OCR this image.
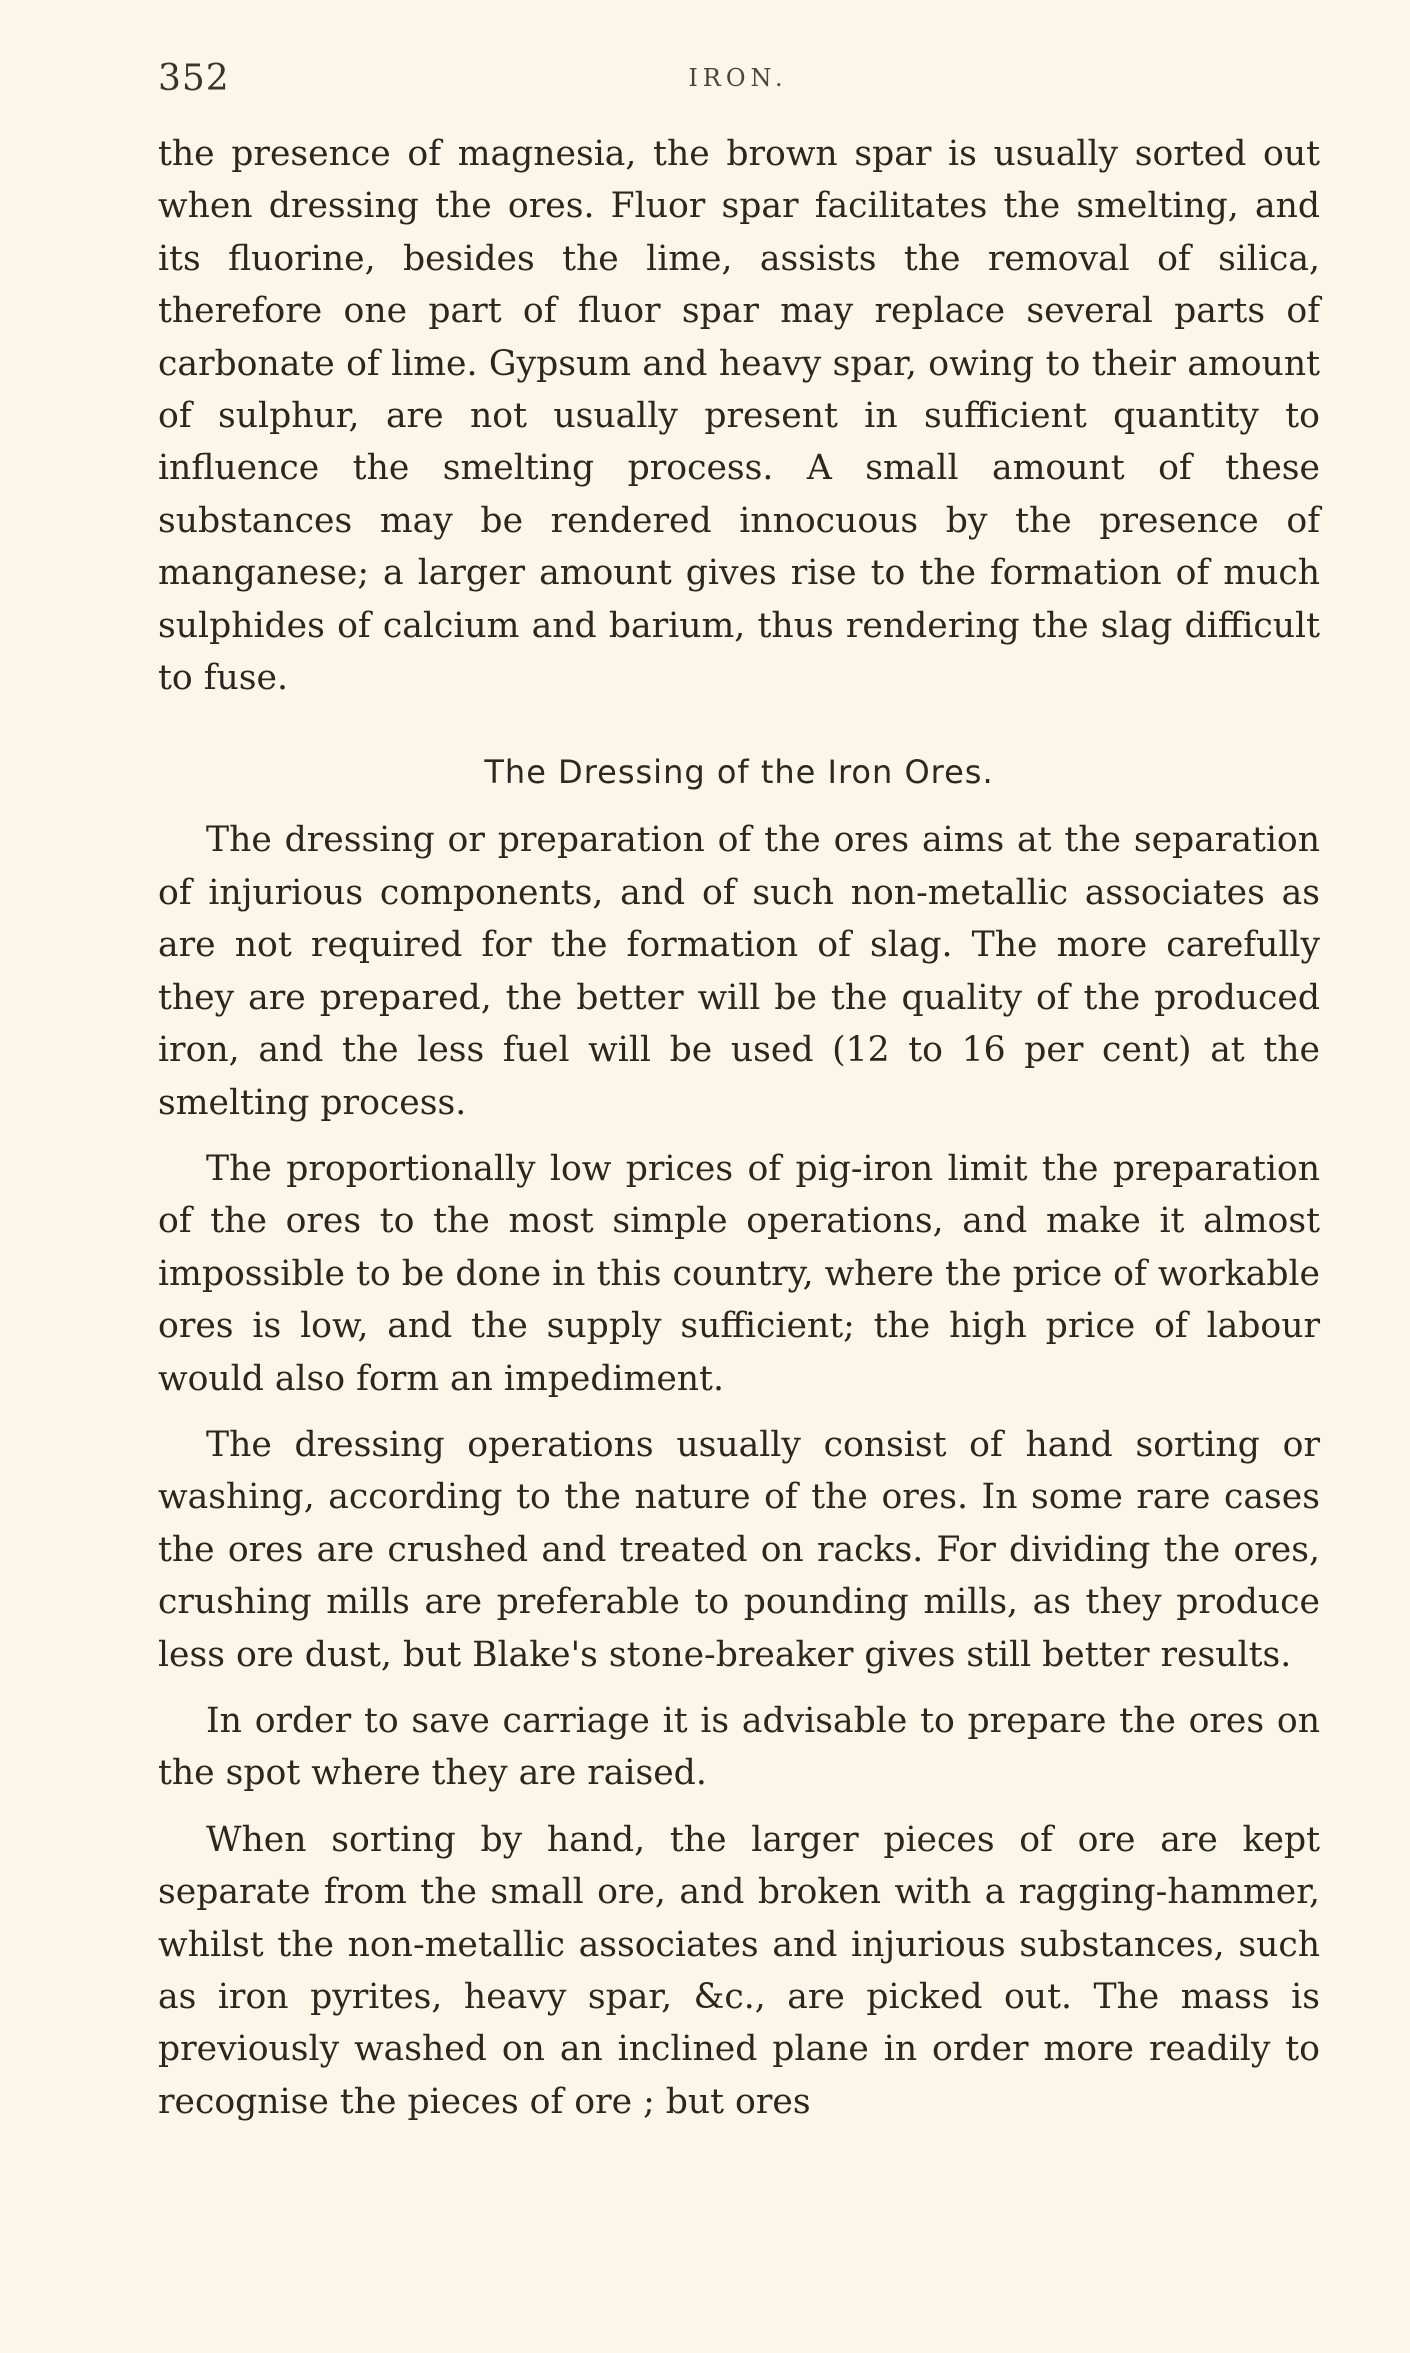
352	IRON.

the presence of magnesia, the brown spar is usually sorted out when dressing the ores. Fluor spar facilitates the smelting, and its fluorine, besides the lime, assists the removal of silica, therefore one part of fluor spar may replace several parts of carbonate of lime. Gypsum and heavy spar, owing to their amount of sulphur, are not usually present in sufficient quantity to influence the smelting process. A small amount of these substances may be rendered innocuous by the presence of manganese; a larger amount gives rise to the formation of much sulphides of calcium and barium, thus rendering the slag difficult to fuse.

The Dressing of the Iron Ores.

The dressing or preparation of the ores aims at the separation of injurious components, and of such non-metallic associates as are not required for the formation of slag. The more carefully they are prepared, the better will be the quality of the produced iron, and the less fuel will be used (12 to 16 per cent) at the smelting process.

The proportionally low prices of pig-iron limit the preparation of the ores to the most simple operations, and make it almost impossible to be done in this country, where the price of workable ores is low, and the supply sufficient; the high price of labour would also form an impediment.

The dressing operations usually consist of hand sorting or washing, according to the nature of the ores. In some rare cases the ores are crushed and treated on racks. For dividing the ores, crushing mills are preferable to pounding mills, as they produce less ore dust, but Blake's stone-breaker gives still better results.

In order to save carriage it is advisable to prepare the ores on the spot where they are raised.

When sorting by hand, the larger pieces of ore are kept separate from the small ore, and broken with a ragging-hammer, whilst the non-metallic associates and injurious substances, such as iron pyrites, heavy spar, &c., are picked out. The mass is previously washed on an inclined plane in order more readily to recognise the pieces of ore ; but ores
